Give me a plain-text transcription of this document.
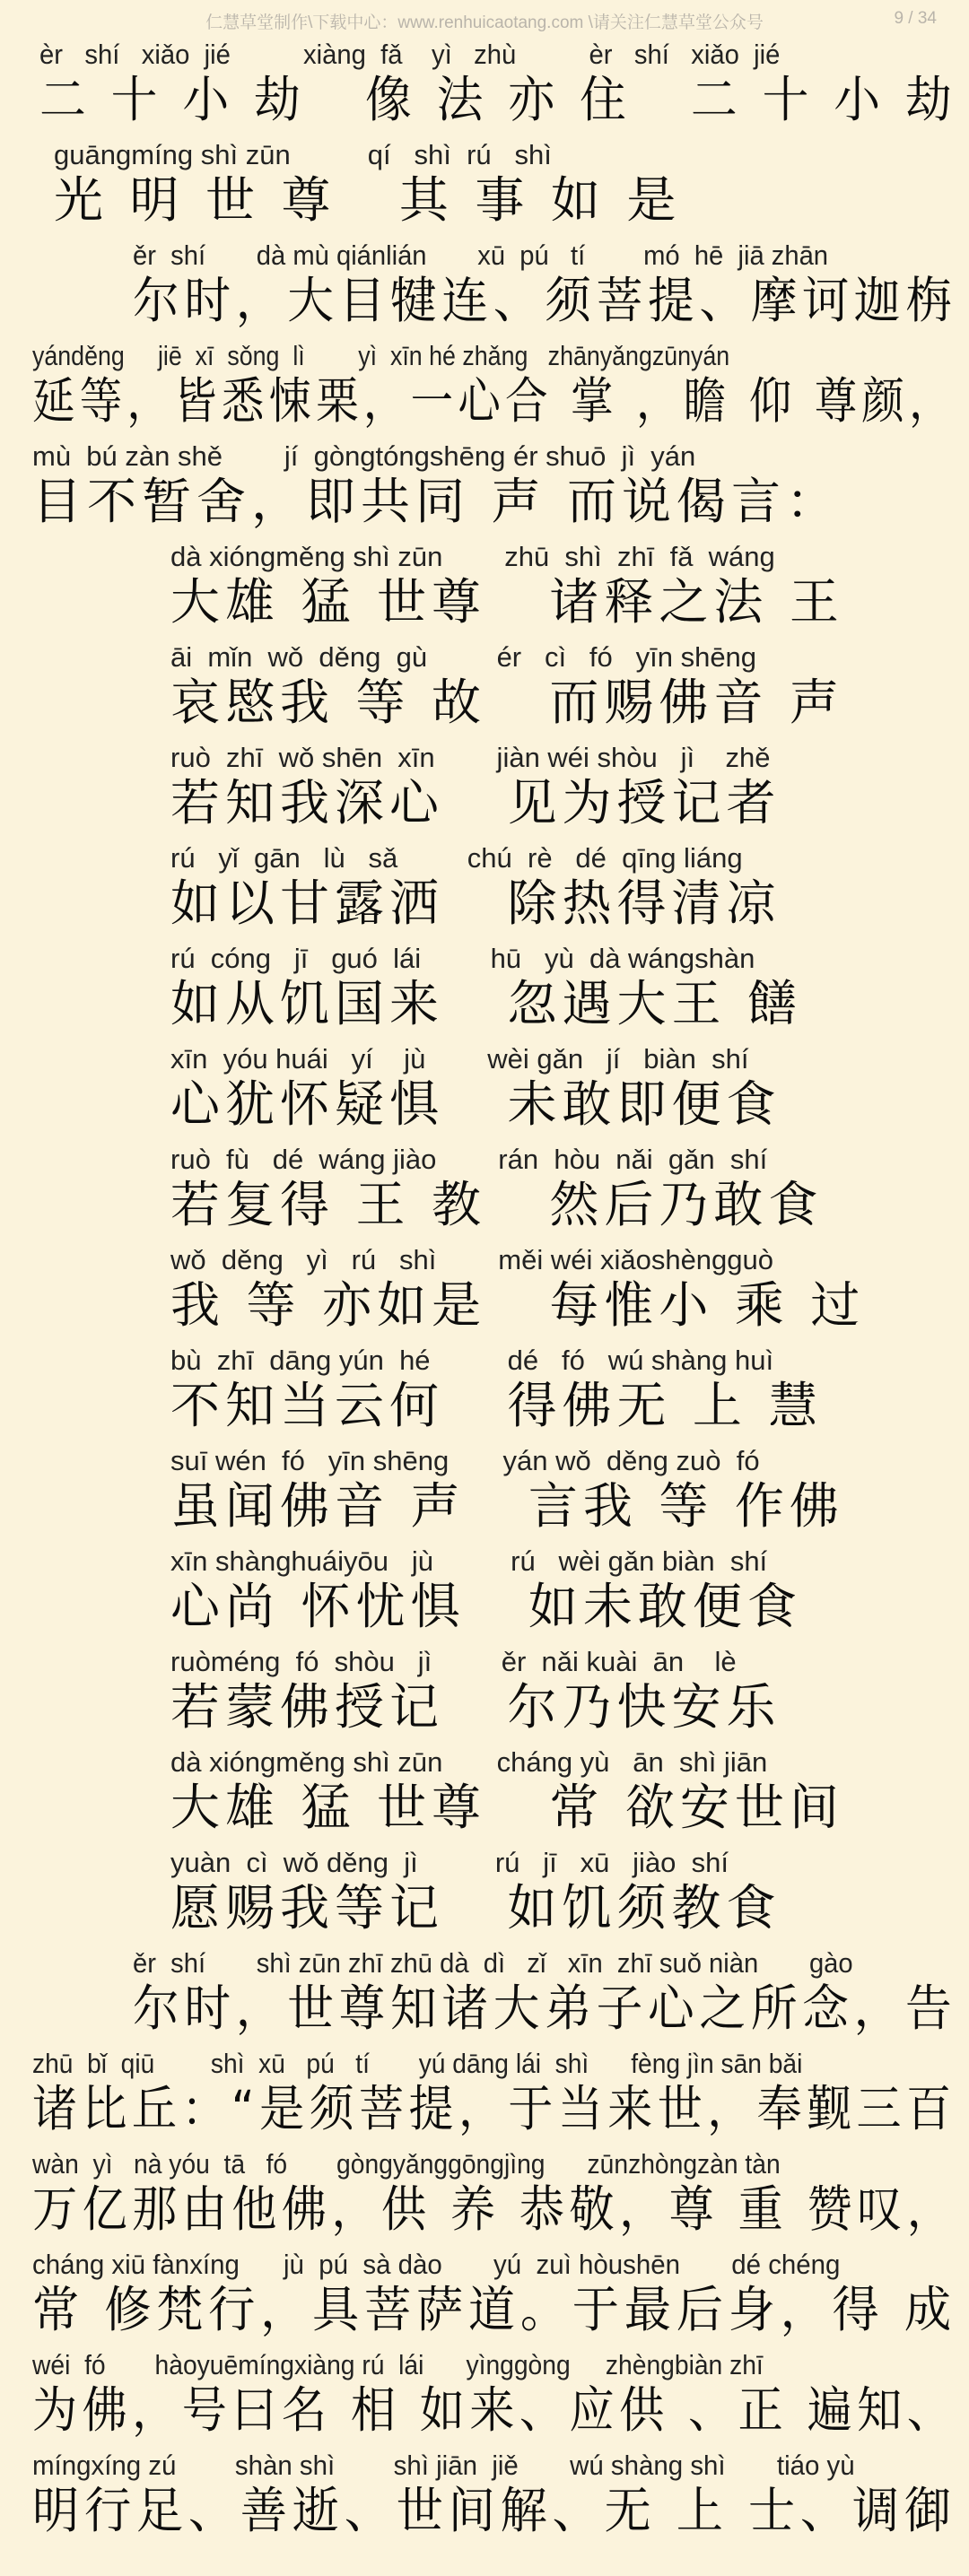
仁慧草堂制作\下载中心：www.renhuicaotang.com \请关注仁慧草堂公众号	9 / 34
èr   shí   xiǎo  jié          xiàng  fǎ    yì   zhù          èr   shí   xiǎo  jié
二 十 小 劫   像 法 亦 住   二 十 小 劫
guāngmíng shì zūn          qí   shì  rú   shì
光 明 世 尊   其 事 如 是
ěr  shí       dà mù qiánlián       xū  pú   tí        mó  hē  jiā zhān
尔时，大目犍连、须菩提、摩诃迦栴
yánděng     jiē  xī  sǒng  lì        yì  xīn hé zhǎng   zhānyǎngzūnyán
延等，皆悉悚栗，一心合 掌 ，瞻 仰 尊颜，
mù  bú zàn shě        jí  gòngtóngshēng ér shuō  jì  yán
目不暂舍，即共同 声 而说偈言：
dà xióngměng shì zūn        zhū  shì  zhī  fǎ  wáng
大雄 猛 世尊   诸释之法 王
āi  mǐn  wǒ  děng  gù         ér   cì   fó   yīn shēng
哀愍我 等 故   而赐佛音 声
ruò  zhī  wǒ shēn  xīn        jiàn wéi shòu   jì    zhě
若知我深心   见为授记者
rú   yǐ  gān   lù   sǎ         chú  rè   dé  qīng liáng
如以甘露洒   除热得清凉
rú  cóng   jī   guó  lái         hū   yù  dà wángshàn
如从饥国来   忽遇大王 饍
xīn  yóu huái   yí    jù        wèi gǎn   jí   biàn  shí
心犹怀疑惧   未敢即便食
ruò  fù   dé  wáng jiào        rán  hòu  nǎi  gǎn  shí
若复得 王 教   然后乃敢食
wǒ  děng   yì   rú   shì        měi wéi xiǎoshèngguò
我 等 亦如是   每惟小 乘 过
bù  zhī  dāng yún  hé          dé   fó   wú shàng huì
不知当云何   得佛无 上 慧
suī wén  fó   yīn shēng       yán wǒ  děng zuò  fó
虽闻佛音 声   言我 等 作佛
xīn shànghuáiyōu   jù          rú   wèi gǎn biàn  shí
心尚 怀忧惧   如未敢便食
ruòméng  fó  shòu   jì         ěr  nǎi kuài  ān    lè
若蒙佛授记   尔乃快安乐
dà xióngměng shì zūn       cháng yù   ān  shì jiān
大雄 猛 世尊   常 欲安世间
yuàn  cì  wǒ děng  jì          rú   jī   xū   jiào  shí
愿赐我等记   如饥须教食
ěr  shí       shì zūn zhī zhū dà  dì   zǐ   xīn  zhī suǒ niàn       gào
尔时，世尊知诸大弟子心之所念，告
zhū  bǐ  qiū        shì  xū   pú   tí       yú dāng lái  shì      fèng jìn sān bǎi
诸比丘：“是须菩提，于当来世，奉觐三百
wàn  yì   nà yóu  tā   fó       gòngyǎnggōngjìng      zūnzhòngzàn tàn
万亿那由他佛，供 养 恭敬，尊 重 赞叹，
cháng xiū fànxíng      jù  pú  sà dào       yú  zuì hòushēn       dé chéng
常 修梵行，具菩萨道。于最后身，得 成
wéi  fó       hàoyuēmíngxiàng rú  lái      yìnggòng     zhèngbiàn zhī
为佛，号曰名 相 如来、应供 、正 遍知、
míngxíng zú        shàn shì        shì jiān  jiě       wú shàng shì       tiáo yù
明行足、善逝、世间解、无 上 士、调御
